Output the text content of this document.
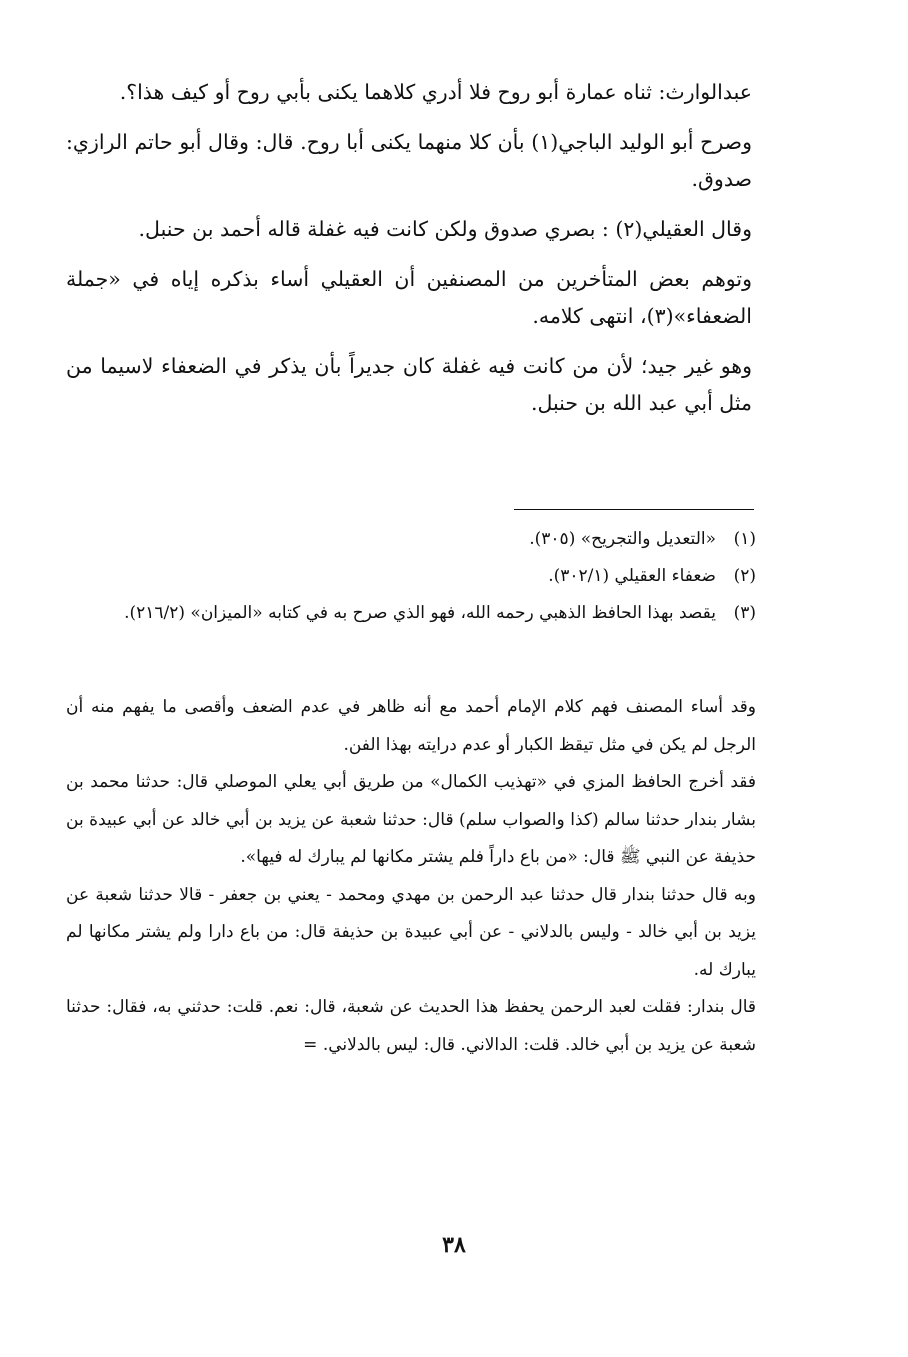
عبدالوارث: ثناه عمارة أبو روح فلا أدري كلاهما يكنى بأبي روح أو كيف هذا؟.

وصرح أبو الوليد الباجي(١) بأن كلا منهما يكنى أبا روح. قال: وقال أبو حاتم الرازي: صدوق.

وقال العقيلي(٢) : بصري صدوق ولكن كانت فيه غفلة قاله أحمد بن حنبل.

وتوهم بعض المتأخرين من المصنفين أن العقيلي أساء بذكره إياه في «جملة الضعفاء»(٣)، انتهى كلامه.

وهو غير جيد؛ لأن من كانت فيه غفلة كان جديراً بأن يذكر في الضعفاء لاسيما من مثل أبي عبد الله بن حنبل.

(١)
«التعديل والتجريح» (٣٠٥).
(٢)
ضعفاء العقيلي (٣٠٢/١).
(٣)
يقصد بهذا الحافظ الذهبي رحمه الله، فهو الذي صرح به في كتابه «الميزان» (٢١٦/٢).

وقد أساء المصنف فهم كلام الإمام أحمد مع أنه ظاهر في عدم الضعف وأقصى ما يفهم منه أن الرجل لم يكن في مثل تيقظ الكبار أو عدم درايته بهذا الفن.

فقد أخرج الحافظ المزي في «تهذيب الكمال» من طريق أبي يعلي الموصلي قال: حدثنا محمد بن بشار بندار حدثنا سالم (كذا والصواب سلم) قال: حدثنا شعبة عن يزيد بن أبي خالد عن أبي عبيدة بن حذيفة عن النبي ﷺ قال: «من باع داراً فلم يشتر مكانها لم يبارك له فيها».

وبه قال حدثنا بندار قال حدثنا عبد الرحمن بن مهدي ومحمد - يعني بن جعفر - قالا حدثنا شعبة عن يزيد بن أبي خالد - وليس بالدلاني - عن أبي عبيدة بن حذيفة قال: من باع دارا ولم يشتر مكانها لم يبارك له.

قال بندار: فقلت لعبد الرحمن يحفظ هذا الحديث عن شعبة، قال: نعم. قلت: حدثني به، فقال: حدثنا شعبة عن يزيد بن أبي خالد. قلت: الدالاني. قال: ليس بالدلاني. =

٣٨
